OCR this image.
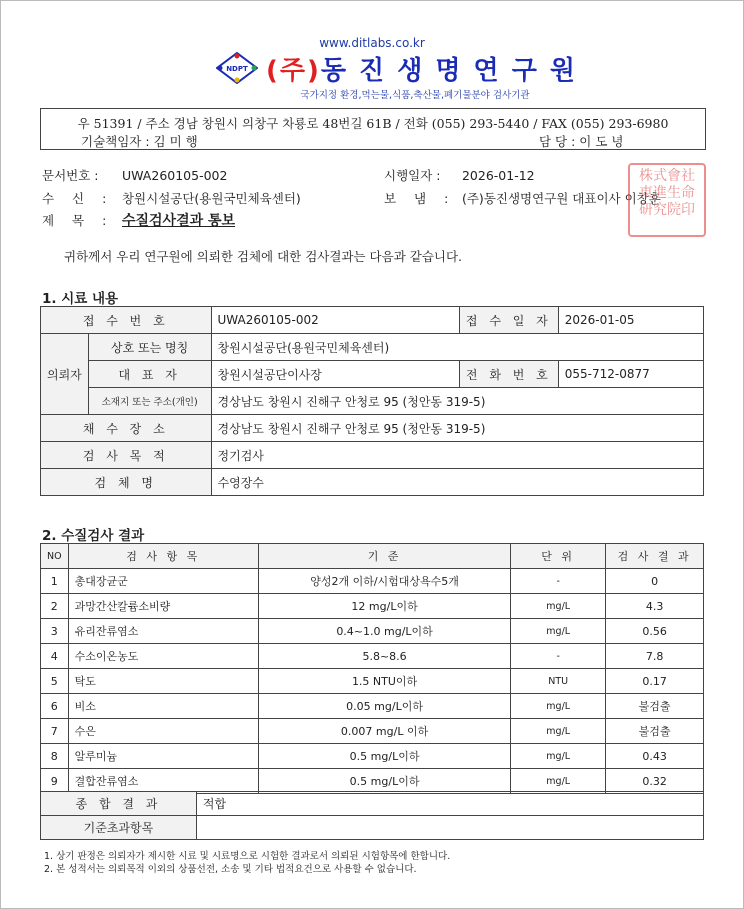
www.ditlabs.co.kr
NDPT (주)동 진 생 명 연 구 원
국가지정 환경,먹는물,식품,축산물,폐기물분야 검사기관
우 51391 / 주소 경남 창원시 의창구 차룡로 48번길 61B / 전화 (055) 293-5440 / FAX (055) 293-6980
기술책임자 : 김 미 행	담 당 : 이 도 녕
문서번호 : UWA260105-002	시행일자 : 2026-01-12
수 신 : 창원시설공단(용원국민체육센터)	보 냄 : (주)동진생명연구원 대표이사 이창훈
제 목 : 수질검사결과 통보
株式會社 東進生命 研究院印
귀하께서 우리 연구원에 의뢰한 검체에 대한 검사결과는 다음과 같습니다.
1. 시료 내용
접 수 번 호		UWA260105-002	접 수 일 자	2026-01-05
의뢰자	상호 또는 명칭	창원시설공단(용원국민체육센터)		
	대 표 자	창원시설공단이사장	전 화 번 호	055-712-0877
	소재지 또는 주소(개인)	경상남도 창원시 진해구 안청로 95 (청안동 319-5)		
채 수 장 소		경상남도 창원시 진해구 안청로 95 (청안동 319-5)		
검 사 목 적		정기검사		
검 체 명		수영장수		
2. 수질검사 결과
NO	검 사 항 목	기 준	단 위	검 사 결 과
1	총대장균군	양성2개 이하/시험대상욕수5개	-	0
2	과망간산칼륨소비량	12 mg/L이하	mg/L	4.3
3	유리잔류염소	0.4~1.0 mg/L이하	mg/L	0.56
4	수소이온농도	5.8~8.6	-	7.8
5	탁도	1.5 NTU이하	NTU	0.17
6	비소	0.05 mg/L이하	mg/L	불검출
7	수은	0.007 mg/L 이하	mg/L	불검출
8	알루미늄	0.5 mg/L이하	mg/L	0.43
9	결합잔류염소	0.5 mg/L이하	mg/L	0.32
종 합 결 과	적합
기준초과항목	
1. 상기 판정은 의뢰자가 제시한 시료 및 시료명으로 시험한 결과로서 의뢰된 시험항목에 한합니다.
2. 본 성적서는 의뢰목적 이외의 상품선전, 소송 및 기타 법적요건으로 사용할 수 없습니다.
